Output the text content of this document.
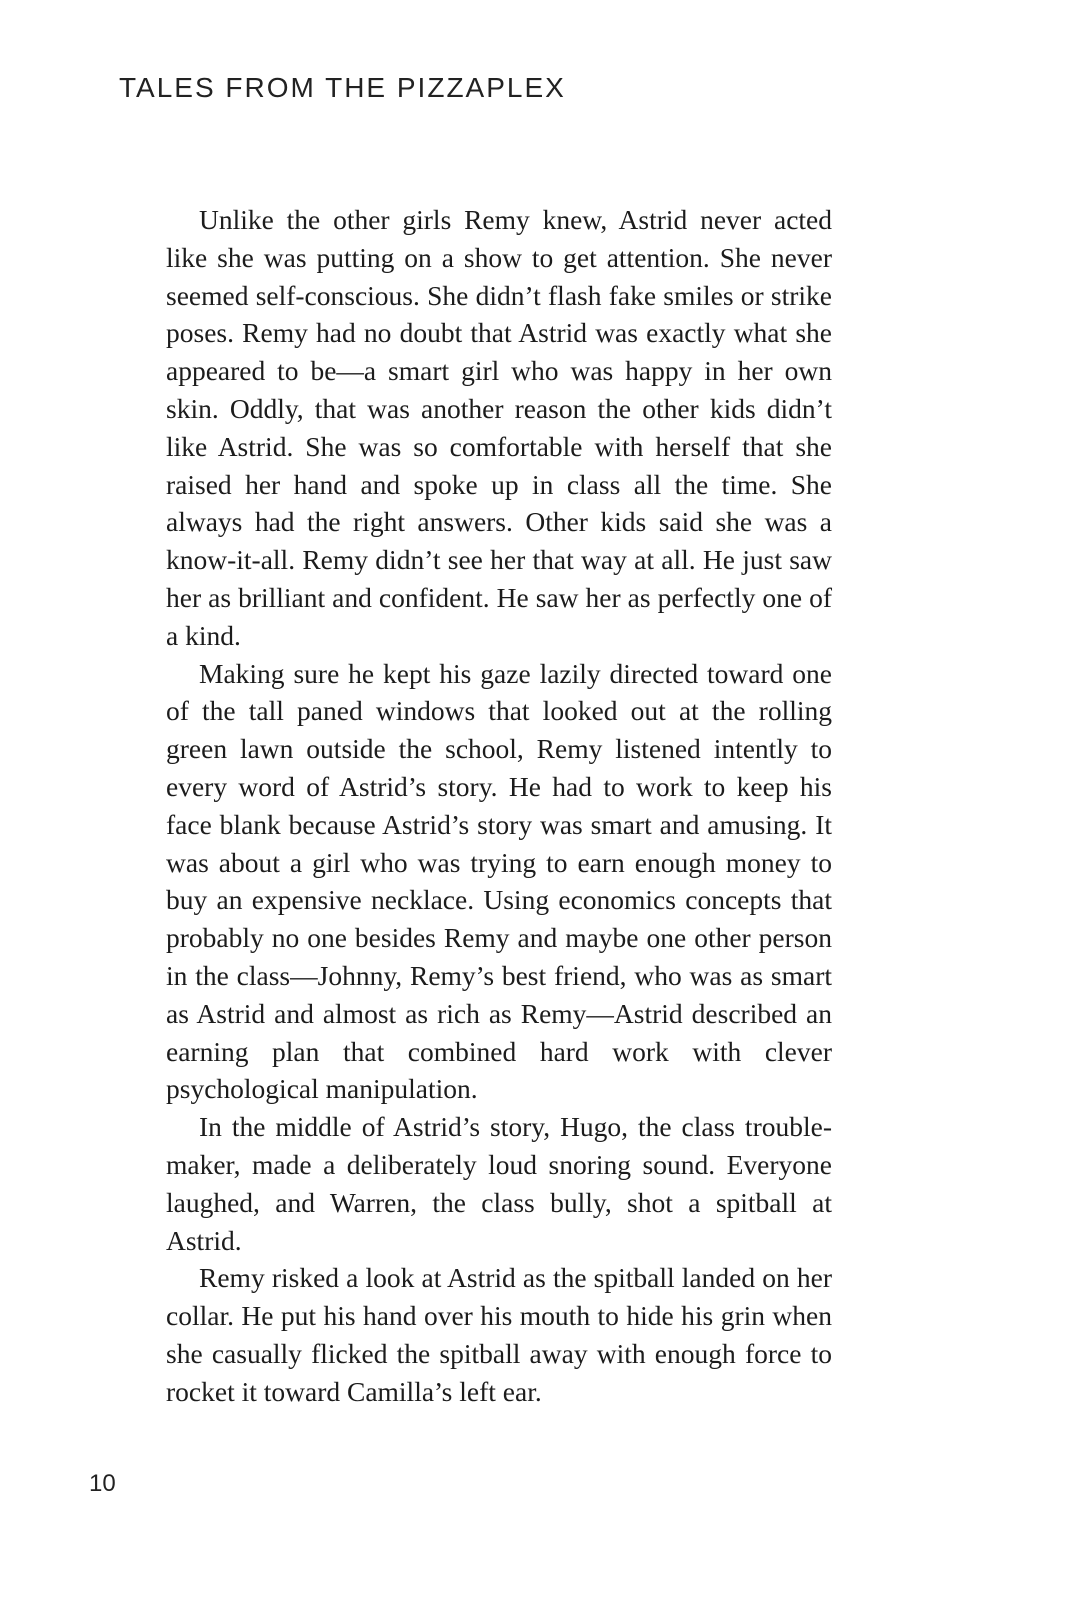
TALES FROM THE PIZZAPLEX

Unlike the other girls Remy knew, Astrid never acted like she was putting on a show to get attention. She never seemed self-conscious. She didn’t flash fake smiles or strike poses. Remy had no doubt that Astrid was exactly what she appeared to be—a smart girl who was happy in her own skin. Oddly, that was another reason the other kids didn’t like Astrid. She was so comfortable with herself that she raised her hand and spoke up in class all the time. She always had the right answers. Other kids said she was a know-it-all. Remy didn’t see her that way at all. He just saw her as brilliant and confident. He saw her as perfectly one of a kind.

Making sure he kept his gaze lazily directed toward one of the tall paned windows that looked out at the rolling green lawn outside the school, Remy listened intently to every word of Astrid’s story. He had to work to keep his face blank because Astrid’s story was smart and amusing. It was about a girl who was trying to earn enough money to buy an expensive necklace. Using economics concepts that probably no one besides Remy and maybe one other person in the class—Johnny, Remy’s best friend, who was as smart as Astrid and almost as rich as Remy—Astrid described an earning plan that combined hard work with clever psychological manipulation.

In the middle of Astrid’s story, Hugo, the class troublemaker, made a deliberately loud snoring sound. Everyone laughed, and Warren, the class bully, shot a spitball at Astrid.

Remy risked a look at Astrid as the spitball landed on her collar. He put his hand over his mouth to hide his grin when she casually flicked the spitball away with enough force to rocket it toward Camilla’s left ear.

10
